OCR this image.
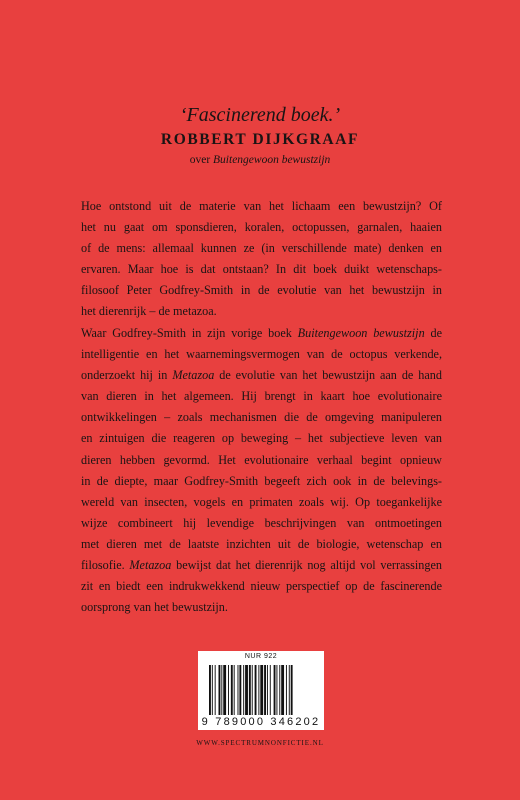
‘Fascinerend boek.’
ROBBERT DIJKGRAAF
over Buitengewoon bewustzijn
Hoe ontstond uit de materie van het lichaam een bewustzijn? Of
het nu gaat om sponsdieren, koralen, octopussen, garnalen, haaien
of de mens: allemaal kunnen ze (in verschillende mate) denken en
ervaren. Maar hoe is dat ontstaan? In dit boek duikt wetenschaps-
filosoof Peter Godfrey-Smith in de evolutie van het bewustzijn in
het dierenrijk – de metazoa.
Waar Godfrey-Smith in zijn vorige boek Buitengewoon bewustzijn de
intelligentie en het waarnemingsvermogen van de octopus verkende,
onderzoekt hij in Metazoa de evolutie van het bewustzijn aan de hand
van dieren in het algemeen. Hij brengt in kaart hoe evolutionaire
ontwikkelingen – zoals mechanismen die de omgeving manipuleren
en zintuigen die reageren op beweging – het subjectieve leven van
dieren hebben gevormd. Het evolutionaire verhaal begint opnieuw
in de diepte, maar Godfrey-Smith begeeft zich ook in de belevings-
wereld van insecten, vogels en primaten zoals wij. Op toegankelijke
wijze combineert hij levendige beschrijvingen van ontmoetingen
met dieren met de laatste inzichten uit de biologie, wetenschap en
filosofie. Metazoa bewijst dat het dierenrijk nog altijd vol verrassingen
zit en biedt een indrukwekkend nieuw perspectief op de fascinerende
oorsprong van het bewustzijn.
NUR 922
9 789000 346202
WWW.SPECTRUMNONFICTIE.NL
